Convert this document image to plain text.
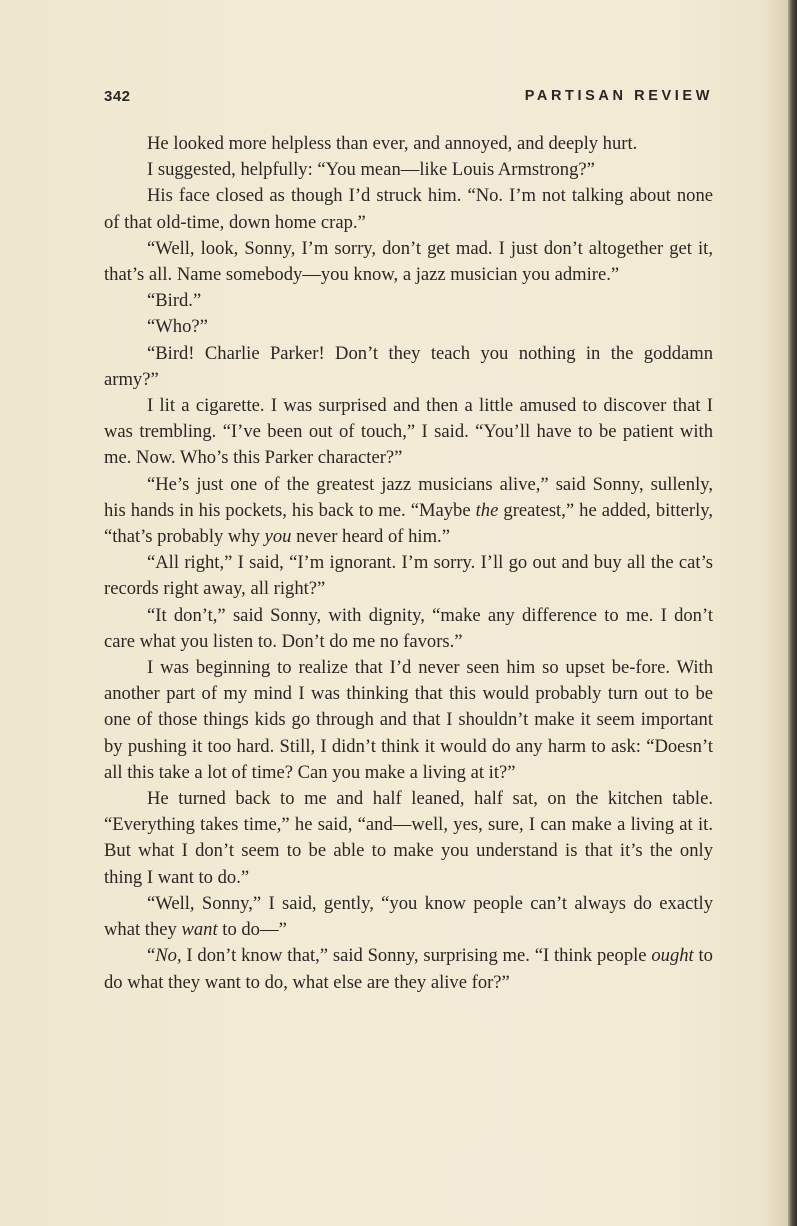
342	PARTISAN REVIEW

He looked more helpless than ever, and annoyed, and deeply hurt.

I suggested, helpfully: “You mean—like Louis Armstrong?”

His face closed as though I’d struck him. “No. I’m not talking about none of that old-time, down home crap.”

“Well, look, Sonny, I’m sorry, don’t get mad. I just don’t altogether get it, that’s all. Name somebody—you know, a jazz musician you admire.”

“Bird.”

“Who?”

“Bird! Charlie Parker! Don’t they teach you nothing in the goddamn army?”

I lit a cigarette. I was surprised and then a little amused to discover that I was trembling. “I’ve been out of touch,” I said. “You’ll have to be patient with me. Now. Who’s this Parker character?”

“He’s just one of the greatest jazz musicians alive,” said Sonny, sullenly, his hands in his pockets, his back to me. “Maybe the greatest,” he added, bitterly, “that’s probably why you never heard of him.”

“All right,” I said, “I’m ignorant. I’m sorry. I’ll go out and buy all the cat’s records right away, all right?”

“It don’t,” said Sonny, with dignity, “make any difference to me. I don’t care what you listen to. Don’t do me no favors.”

I was beginning to realize that I’d never seen him so upset be-fore. With another part of my mind I was thinking that this would probably turn out to be one of those things kids go through and that I shouldn’t make it seem important by pushing it too hard. Still, I didn’t think it would do any harm to ask: “Doesn’t all this take a lot of time? Can you make a living at it?”

He turned back to me and half leaned, half sat, on the kitchen table. “Everything takes time,” he said, “and—well, yes, sure, I can make a living at it. But what I don’t seem to be able to make you understand is that it’s the only thing I want to do.”

“Well, Sonny,” I said, gently, “you know people can’t always do exactly what they want to do—”

“No, I don’t know that,” said Sonny, surprising me. “I think people ought to do what they want to do, what else are they alive for?”
